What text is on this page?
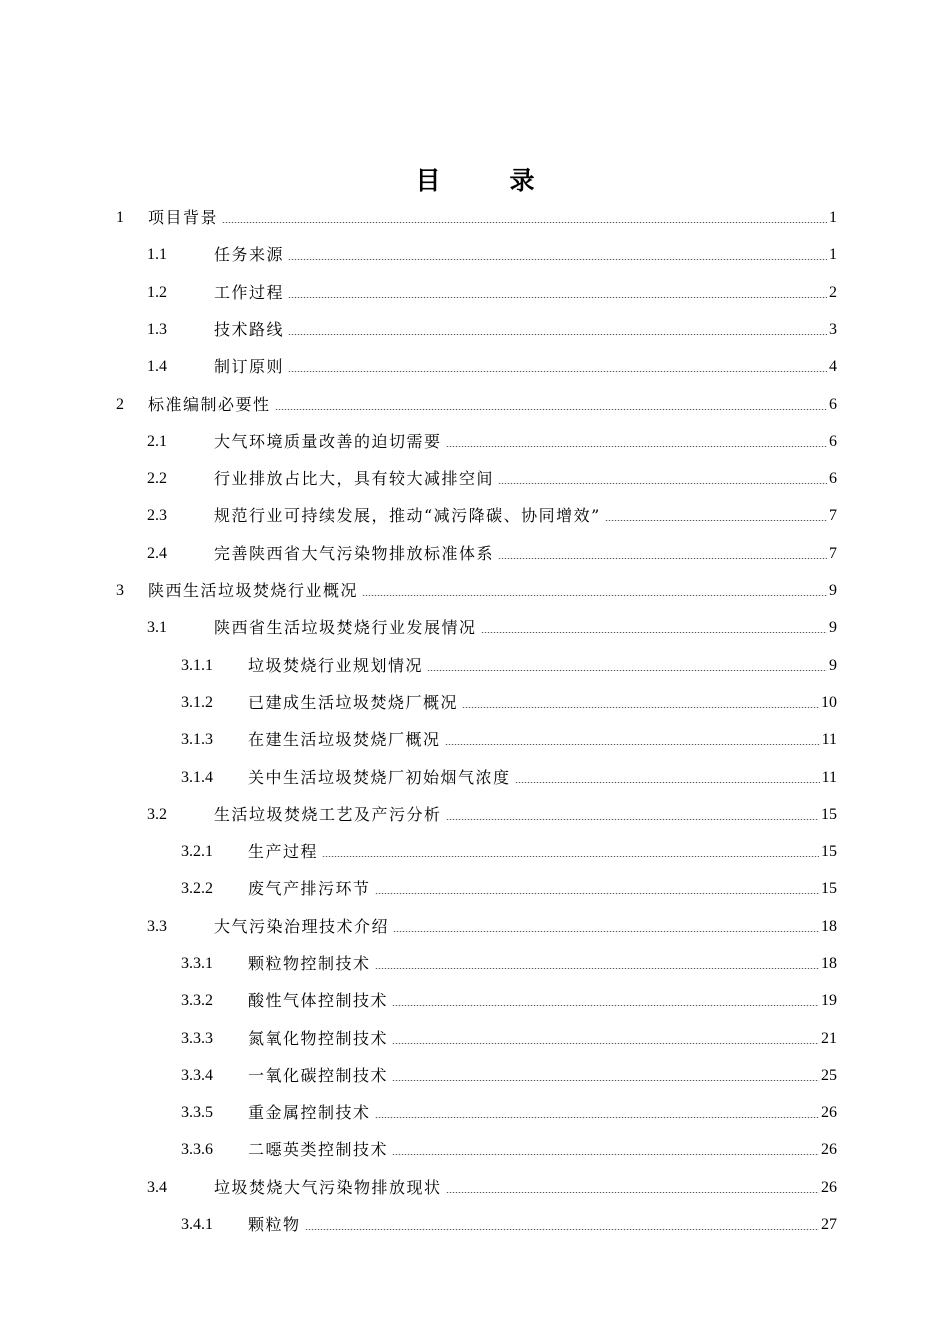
目　录
1	项目背景	1
1.1	任务来源	1
1.2	工作过程	2
1.3	技术路线	3
1.4	制订原则	4
2	标准编制必要性	6
2.1	大气环境质量改善的迫切需要	6
2.2	行业排放占比大，具有较大减排空间	6
2.3	规范行业可持续发展，推动“减污降碳、协同增效”	7
2.4	完善陕西省大气污染物排放标准体系	7
3	陕西生活垃圾焚烧行业概况	9
3.1	陕西省生活垃圾焚烧行业发展情况	9
3.1.1	垃圾焚烧行业规划情况	9
3.1.2	已建成生活垃圾焚烧厂概况	10
3.1.3	在建生活垃圾焚烧厂概况	11
3.1.4	关中生活垃圾焚烧厂初始烟气浓度	11
3.2	生活垃圾焚烧工艺及产污分析	15
3.2.1	生产过程	15
3.2.2	废气产排污环节	15
3.3	大气污染治理技术介绍	18
3.3.1	颗粒物控制技术	18
3.3.2	酸性气体控制技术	19
3.3.3	氮氧化物控制技术	21
3.3.4	一氧化碳控制技术	25
3.3.5	重金属控制技术	26
3.3.6	二噁英类控制技术	26
3.4	垃圾焚烧大气污染物排放现状	26
3.4.1	颗粒物	27
